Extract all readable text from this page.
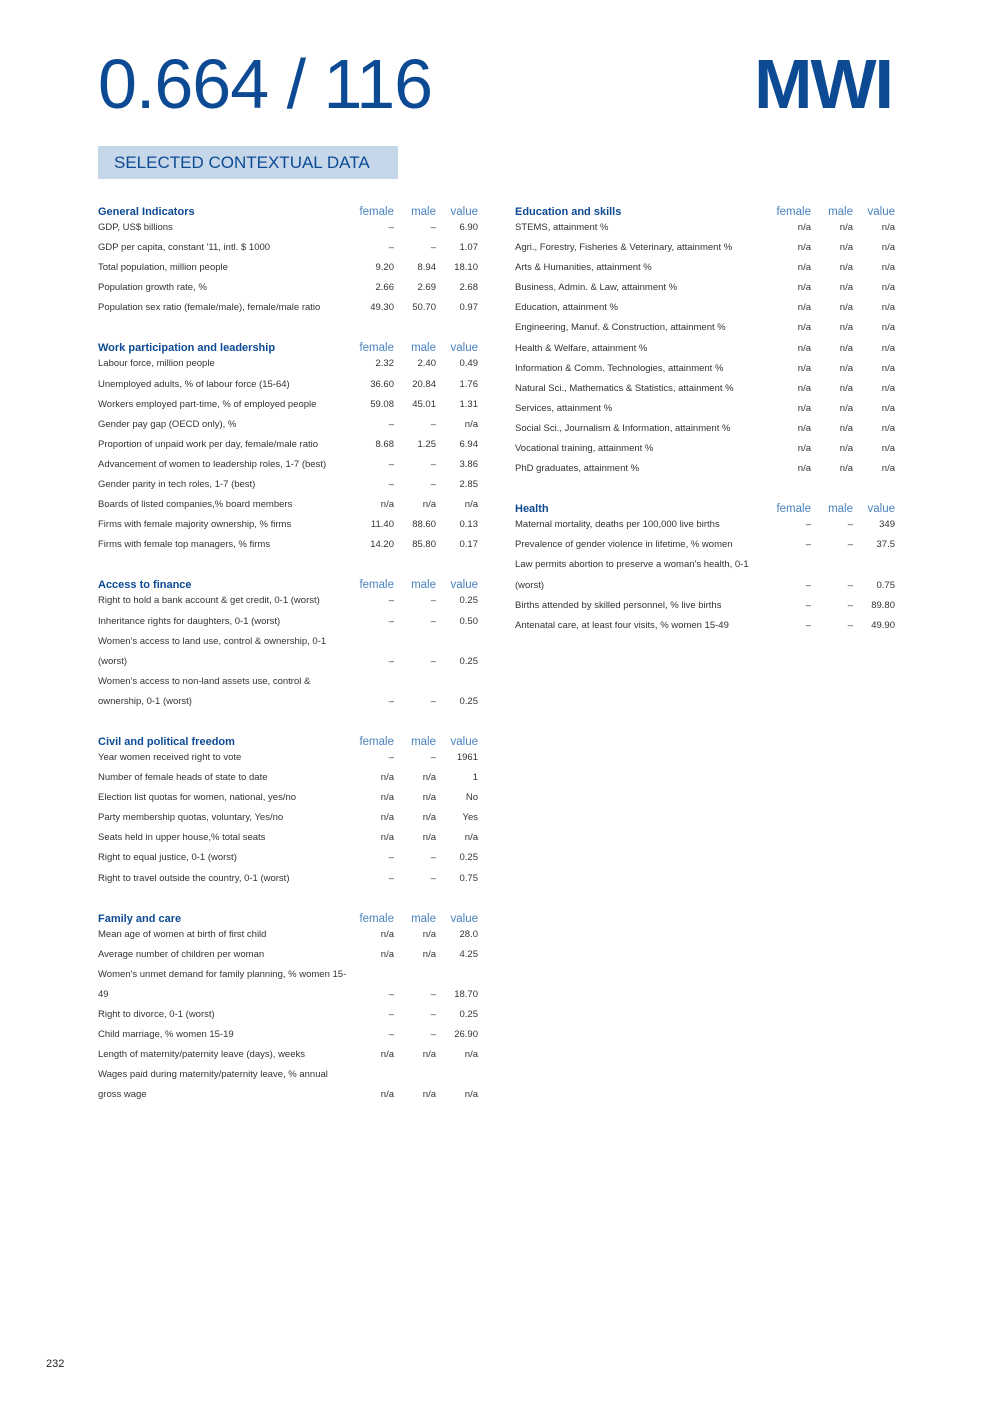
0.664 / 116	MWI
SELECTED CONTEXTUAL DATA
General Indicators	female	male	value
GDP, US$ billions	–	–	6.90
GDP per capita, constant '11, intl. $ 1000	–	–	1.07
Total population, million people	9.20	8.94	18.10
Population growth rate, %	2.66	2.69	2.68
Population sex ratio (female/male), female/male ratio	49.30	50.70	0.97
Work participation and leadership	female	male	value
Labour force, million people	2.32	2.40	0.49
Unemployed adults, % of labour force (15-64)	36.60	20.84	1.76
Workers employed part-time, % of employed people	59.08	45.01	1.31
Gender pay gap (OECD only), %	–	–	n/a
Proportion of unpaid work per day, female/male ratio	8.68	1.25	6.94
Advancement of women to leadership roles, 1-7 (best)	–	–	3.86
Gender parity in tech roles, 1-7 (best)	–	–	2.85
Boards of listed companies,% board members	n/a	n/a	n/a
Firms with female majority ownership, % firms	11.40	88.60	0.13
Firms with female top managers, % firms	14.20	85.80	0.17
Access to finance	female	male	value
Right to hold a bank account & get credit, 0-1 (worst)	–	–	0.25
Inheritance rights for daughters, 0-1 (worst)	–	–	0.50
Women's access to land use, control & ownership, 0-1 (worst)	–	–	0.25
Women's access to non-land assets use, control & ownership, 0-1 (worst)	–	–	0.25
Civil and political freedom	female	male	value
Year women received right to vote	–	–	1961
Number of female heads of state to date	n/a	n/a	1
Election list quotas for women, national, yes/no	n/a	n/a	No
Party membership quotas, voluntary, Yes/no	n/a	n/a	Yes
Seats held in upper house,% total seats	n/a	n/a	n/a
Right to equal justice, 0-1 (worst)	–	–	0.25
Right to travel outside the country, 0-1 (worst)	–	–	0.75
Family and care	female	male	value
Mean age of women at birth of first child	n/a	n/a	28.0
Average number of children per woman	n/a	n/a	4.25
Women's unmet demand for family planning, % women 15-49	–	–	18.70
Right to divorce, 0-1 (worst)	–	–	0.25
Child marriage, % women 15-19	–	–	26.90
Length of maternity/paternity leave (days), weeks	n/a	n/a	n/a
Wages paid during maternity/paternity leave, % annual gross wage	n/a	n/a	n/a
Education and skills	female	male	value
STEMS, attainment %	n/a	n/a	n/a
Agri., Forestry, Fisheries & Veterinary, attainment %	n/a	n/a	n/a
Arts & Humanities, attainment %	n/a	n/a	n/a
Business, Admin. & Law, attainment %	n/a	n/a	n/a
Education, attainment %	n/a	n/a	n/a
Engineering, Manuf. & Construction, attainment %	n/a	n/a	n/a
Health & Welfare, attainment %	n/a	n/a	n/a
Information & Comm. Technologies, attainment %	n/a	n/a	n/a
Natural Sci., Mathematics & Statistics, attainment %	n/a	n/a	n/a
Services, attainment %	n/a	n/a	n/a
Social Sci., Journalism & Information, attainment %	n/a	n/a	n/a
Vocational training, attainment %	n/a	n/a	n/a
PhD graduates, attainment %	n/a	n/a	n/a
Health	female	male	value
Maternal mortality, deaths per 100,000 live births	–	–	349
Prevalence of gender violence in lifetime, % women	–	–	37.5
Law permits abortion to preserve a woman's health, 0-1 (worst)	–	–	0.75
Births attended by skilled personnel, % live births	–	–	89.80
Antenatal care, at least four visits, % women 15-49	–	–	49.90
232
